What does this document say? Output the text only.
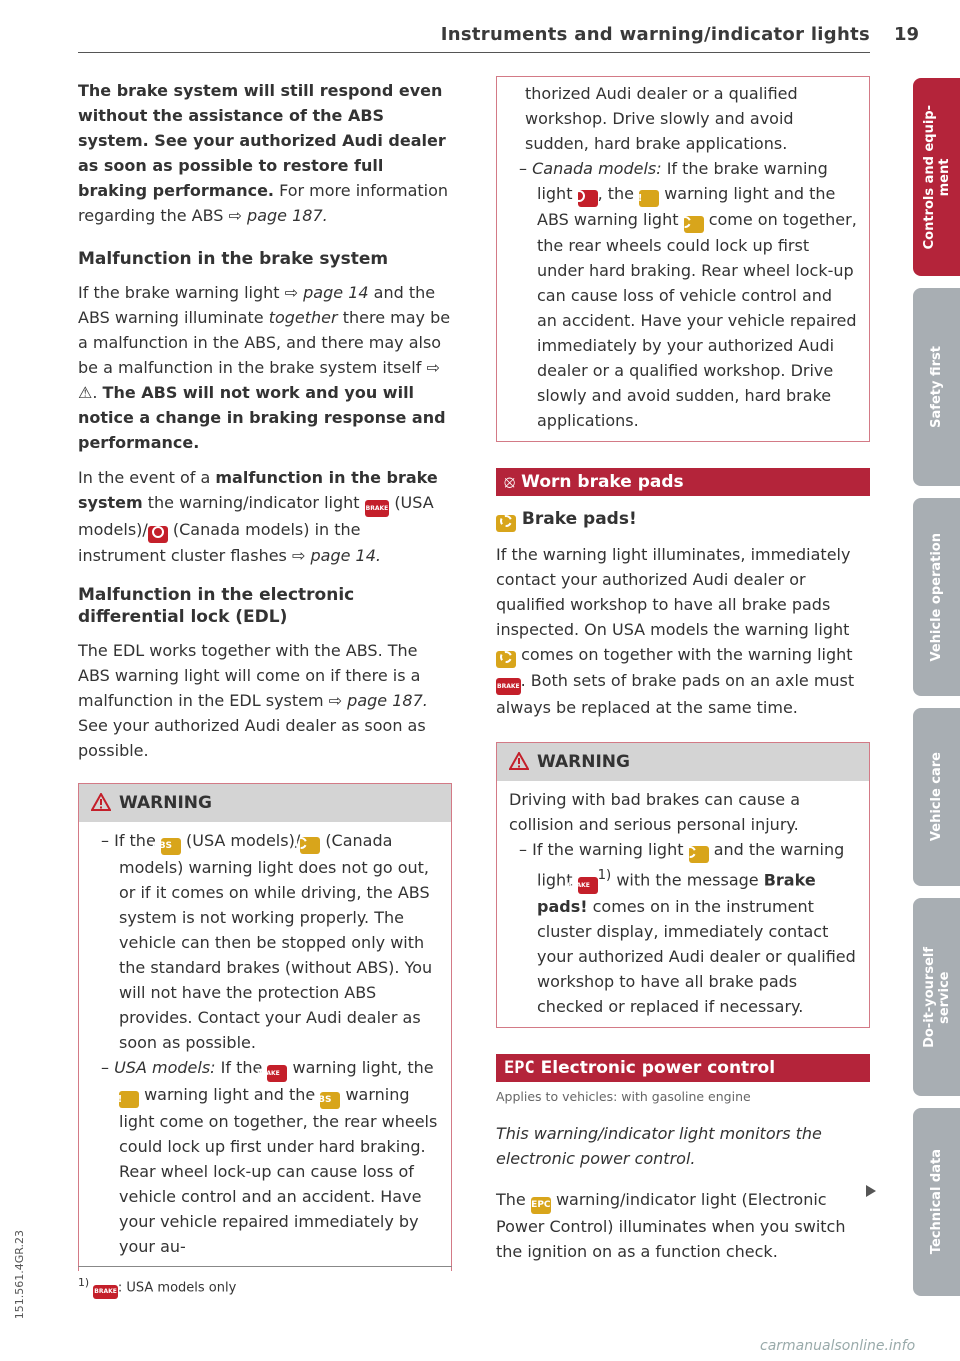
Instruments and warning/indicator lights 19

The brake system will still respond even without the assistance of the ABS system. See your authorized Audi dealer as soon as possible to restore full braking performance. For more information regarding the ABS ⇨ page 187.

Malfunction in the brake system

If the brake warning light ⇨ page 14 and the ABS warning illuminate together there may be a malfunction in the ABS, and there may also be a malfunction in the brake system itself ⇨ ⚠. The ABS will not work and you will notice a change in braking response and performance.

In the event of a malfunction in the brake system the warning/indicator light BRAKE (USA models)/ (Canada models) in the instrument cluster flashes ⇨ page 14.

Malfunction in the electronic differential lock (EDL)

The EDL works together with the ABS. The ABS warning light will come on if there is a malfunction in the EDL system ⇨ page 187. See your authorized Audi dealer as soon as possible.

WARNING
– If the ABS (USA models)/ (Canada models) warning light does not go out, or if it comes on while driving, the ABS system is not working properly. The vehicle can then be stopped only with the standard brakes (without ABS). You will not have the protection ABS provides. Contact your Audi dealer as soon as possible.
– USA models: If the BRAKE warning light, the ! warning light and the ABS warning light come on together, the rear wheels could lock up first under hard braking. Rear wheel lock-up can cause loss of vehicle control and an accident. Have your vehicle repaired immediately by your au-
$^{1)}$ BRAKE: USA models only
thorized Audi dealer or a qualified workshop. Drive slowly and avoid sudden, hard brake applications.
– Canada models: If the brake warning light , the ! warning light and the ABS warning light come on together, the rear wheels could lock up first under hard braking. Rear wheel lock-up can cause loss of vehicle control and an accident. Have your vehicle repaired immediately by your authorized Audi dealer or a qualified workshop. Drive slowly and avoid sudden, hard brake applications.
⦻ Worn brake pads

Brake pads!

If the warning light illuminates, immediately contact your authorized Audi dealer or qualified workshop to have all brake pads inspected. On USA models the warning light  comes on together with the warning light BRAKE. Both sets of brake pads on an axle must always be replaced at the same time.

WARNING
Driving with bad brakes can cause a collision and serious personal injury.
– If the warning light and the warning light BRAKE$^{1)}$ with the message Brake pads! comes on in the instrument cluster display, immediately contact your authorized Audi dealer or qualified workshop to have all brake pads checked or replaced if necessary.
EPC Electronic power control

Applies to vehicles: with gasoline engine

This warning/indicator light monitors the electronic power control.

The EPC warning/indicator light (Electronic Power Control) illuminates when you switch the ignition on as a function check.

Controls and equip-
ment
Safety first
Vehicle operation
Vehicle care
Do-it-yourself
service
Technical data
151.561.4GR.23
carmanualsonline.info
